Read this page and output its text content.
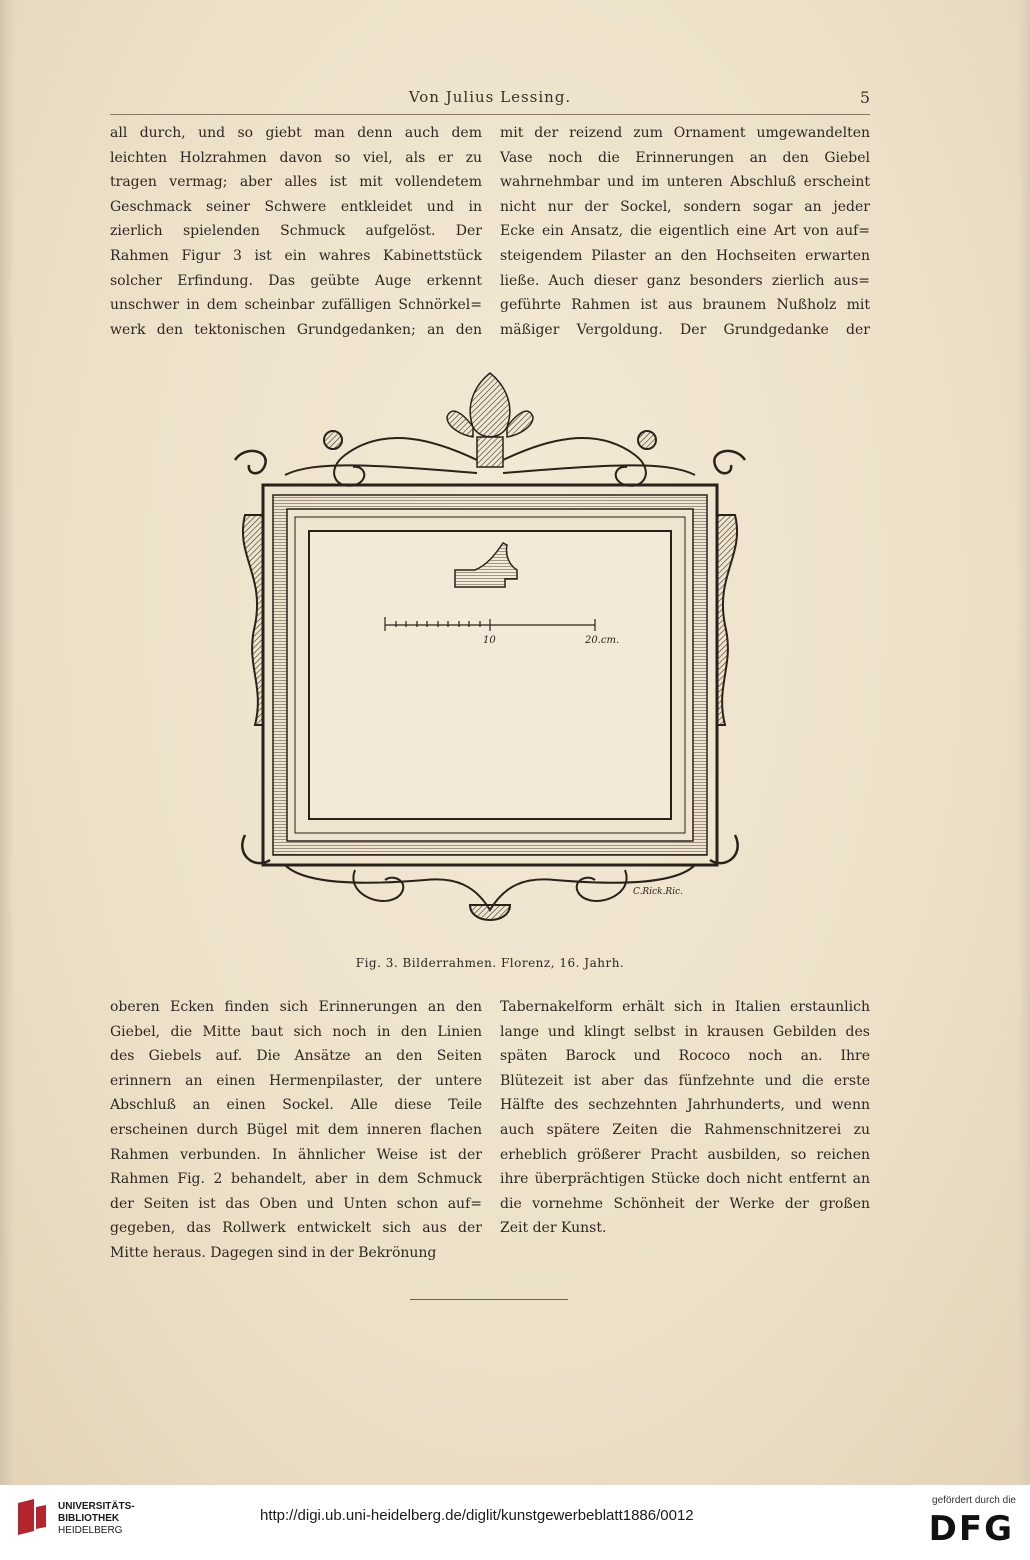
Von Julius Lessing.	5
all durch, und so giebt man denn auch dem
leichten Holzrahmen davon so viel, als er zu
tragen vermag; aber alles ist mit vollendetem
Geschmack seiner Schwere entkleidet und in
zierlich spielenden Schmuck aufgelöst. Der
Rahmen Figur 3 ist ein wahres Kabinettstück
solcher Erfindung. Das geübte Auge erkennt
unschwer in dem scheinbar zufälligen Schnörkel=
werk den tektonischen Grundgedanken; an den
mit der reizend zum Ornament umgewandelten
Vase noch die Erinnerungen an den Giebel
wahrnehmbar und im unteren Abschluß erscheint
nicht nur der Sockel, sondern sogar an jeder
Ecke ein Ansatz, die eigentlich eine Art von auf=
steigendem Pilaster an den Hochseiten erwarten
ließe. Auch dieser ganz besonders zierlich aus=
geführte Rahmen ist aus braunem Nußholz mit
mäßiger Vergoldung. Der Grundgedanke der
10	20.cm.
C.Rick.Ric.
Fig. 3. Bilderrahmen. Florenz, 16. Jahrh.
oberen Ecken finden sich Erinnerungen an den
Giebel, die Mitte baut sich noch in den Linien
des Giebels auf. Die Ansätze an den Seiten
erinnern an einen Hermenpilaster, der untere
Abschluß an einen Sockel. Alle diese Teile
erscheinen durch Bügel mit dem inneren flachen
Rahmen verbunden. In ähnlicher Weise ist der
Rahmen Fig. 2 behandelt, aber in dem Schmuck
der Seiten ist das Oben und Unten schon auf=
gegeben, das Rollwerk entwickelt sich aus der
Mitte heraus. Dagegen sind in der Bekrönung
Tabernakelform erhält sich in Italien erstaunlich
lange und klingt selbst in krausen Gebilden des
späten Barock und Rococo noch an. Ihre
Blütezeit ist aber das fünfzehnte und die erste
Hälfte des sechzehnten Jahrhunderts, und wenn
auch spätere Zeiten die Rahmenschnitzerei zu
erheblich größerer Pracht ausbilden, so reichen
ihre überprächtigen Stücke doch nicht entfernt an
die vornehme Schönheit der Werke der großen
Zeit der Kunst.
UNIVERSITÄTS-
BIBLIOTHEK
HEIDELBERG
http://digi.ub.uni-heidelberg.de/diglit/kunstgewerbeblatt1886/0012
gefördert durch die
DFG
